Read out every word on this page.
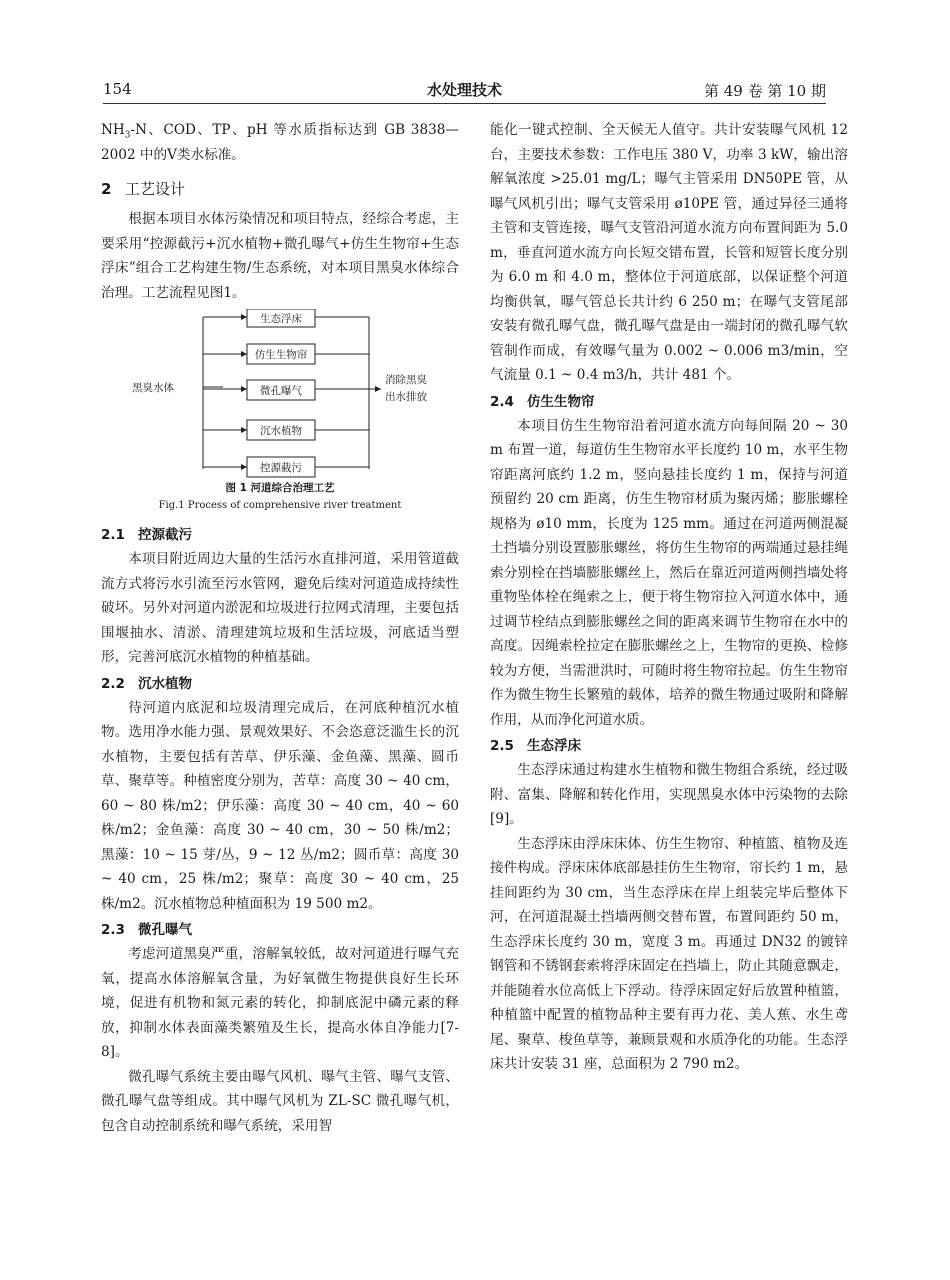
154	水处理技术	第 49 卷 第 10 期

$NH_3-N$、COD、TP、pH 等水质指标达到 GB 3838—2002 中的V类水标准。

2 工艺设计

根据本项目水体污染情况和项目特点，经综合考虑，主要采用“控源截污+沉水植物+微孔曝气+仿生生物帘+生态浮床”组合工艺构建生物/生态系统，对本项目黑臭水体综合治理。工艺流程见图1。

黑臭水体
生态浮床
仿生生物帘
微孔曝气
沉水植物
控源截污
消除黑臭
出水排放
图 1 河道综合治理工艺
Fig.1 Process of comprehensive river treatment
2.1 控源截污

本项目附近周边大量的生活污水直排河道，采用管道截流方式将污水引流至污水管网，避免后续对河道造成持续性破坏。另外对河道内淤泥和垃圾进行拉网式清理，主要包括围堰抽水、清淤、清理建筑垃圾和生活垃圾，河底适当塑形，完善河底沉水植物的种植基础。

2.2 沉水植物

待河道内底泥和垃圾清理完成后，在河底种植沉水植物。选用净水能力强、景观效果好、不会恣意泛滥生长的沉水植物，主要包括有苦草、伊乐藻、金鱼藻、黑藻、圆币草、聚草等。种植密度分别为，苦草：高度 30 ~ 40 cm，60 ~ 80 株/m2；伊乐藻：高度 30 ~ 40 cm，40 ~ 60 株/m2；金鱼藻：高度 30 ~ 40 cm，30 ~ 50 株/m2；黑藻：10 ~ 15 芽/丛，9 ~ 12 丛/m2；圆币草：高度 30 ~ 40 cm，25 株/m2；聚草：高度 30 ~ 40 cm，25 株/m2。沉水植物总种植面积为 19 500 m2。

2.3 微孔曝气

考虑河道黑臭严重，溶解氧较低，故对河道进行曝气充氧，提高水体溶解氧含量，为好氧微生物提供良好生长环境，促进有机物和氮元素的转化，抑制底泥中磷元素的释放，抑制水体表面藻类繁殖及生长，提高水体自净能力[7-8]。

微孔曝气系统主要由曝气风机、曝气主管、曝气支管、微孔曝气盘等组成。其中曝气风机为 ZL-SC 微孔曝气机，包含自动控制系统和曝气系统，采用智

能化一键式控制、全天候无人值守。共计安装曝气风机 12 台，主要技术参数：工作电压 380 V，功率 3 kW，输出溶解氧浓度 >25.01 mg/L；曝气主管采用 DN50PE 管，从曝气风机引出；曝气支管采用 ø10PE 管，通过异径三通将主管和支管连接，曝气支管沿河道水流方向布置间距为 5.0 m，垂直河道水流方向长短交错布置，长管和短管长度分别为 6.0 m 和 4.0 m，整体位于河道底部，以保证整个河道均衡供氧，曝气管总长共计约 6 250 m；在曝气支管尾部安装有微孔曝气盘，微孔曝气盘是由一端封闭的微孔曝气软管制作而成，有效曝气量为 0.002 ~ 0.006 m3/min，空气流量 0.1 ~ 0.4 m3/h，共计 481 个。

2.4 仿生生物帘

本项目仿生生物帘沿着河道水流方向每间隔 20 ~ 30 m 布置一道，每道仿生生物帘水平长度约 10 m，水平生物帘距离河底约 1.2 m，竖向悬挂长度约 1 m，保持与河道预留约 20 cm 距离，仿生生物帘材质为聚丙烯；膨胀螺栓规格为 ø10 mm，长度为 125 mm。通过在河道两侧混凝土挡墙分别设置膨胀螺丝，将仿生生物帘的两端通过悬挂绳索分别栓在挡墙膨胀螺丝上，然后在靠近河道两侧挡墙处将重物坠体栓在绳索之上，便于将生物帘拉入河道水体中，通过调节栓结点到膨胀螺丝之间的距离来调节生物帘在水中的高度。因绳索栓拉定在膨胀螺丝之上，生物帘的更换、检修较为方便，当需泄洪时，可随时将生物帘拉起。仿生生物帘作为微生物生长繁殖的载体，培养的微生物通过吸附和降解作用，从而净化河道水质。

2.5 生态浮床

生态浮床通过构建水生植物和微生物组合系统，经过吸附、富集、降解和转化作用，实现黑臭水体中污染物的去除[9]。

生态浮床由浮床床体、仿生生物帘、种植篮、植物及连接件构成。浮床床体底部悬挂仿生生物帘，帘长约 1 m，悬挂间距约为 30 cm，当生态浮床在岸上组装完毕后整体下河，在河道混凝土挡墙两侧交替布置，布置间距约 50 m，生态浮床长度约 30 m，宽度 3 m。再通过 DN32 的镀锌钢管和不锈钢套索将浮床固定在挡墙上，防止其随意飘走，并能随着水位高低上下浮动。待浮床固定好后放置种植篮，种植篮中配置的植物品种主要有再力花、美人蕉、水生鸢尾、聚草、梭鱼草等，兼顾景观和水质净化的功能。生态浮床共计安装 31 座，总面积为 2 790 m2。
